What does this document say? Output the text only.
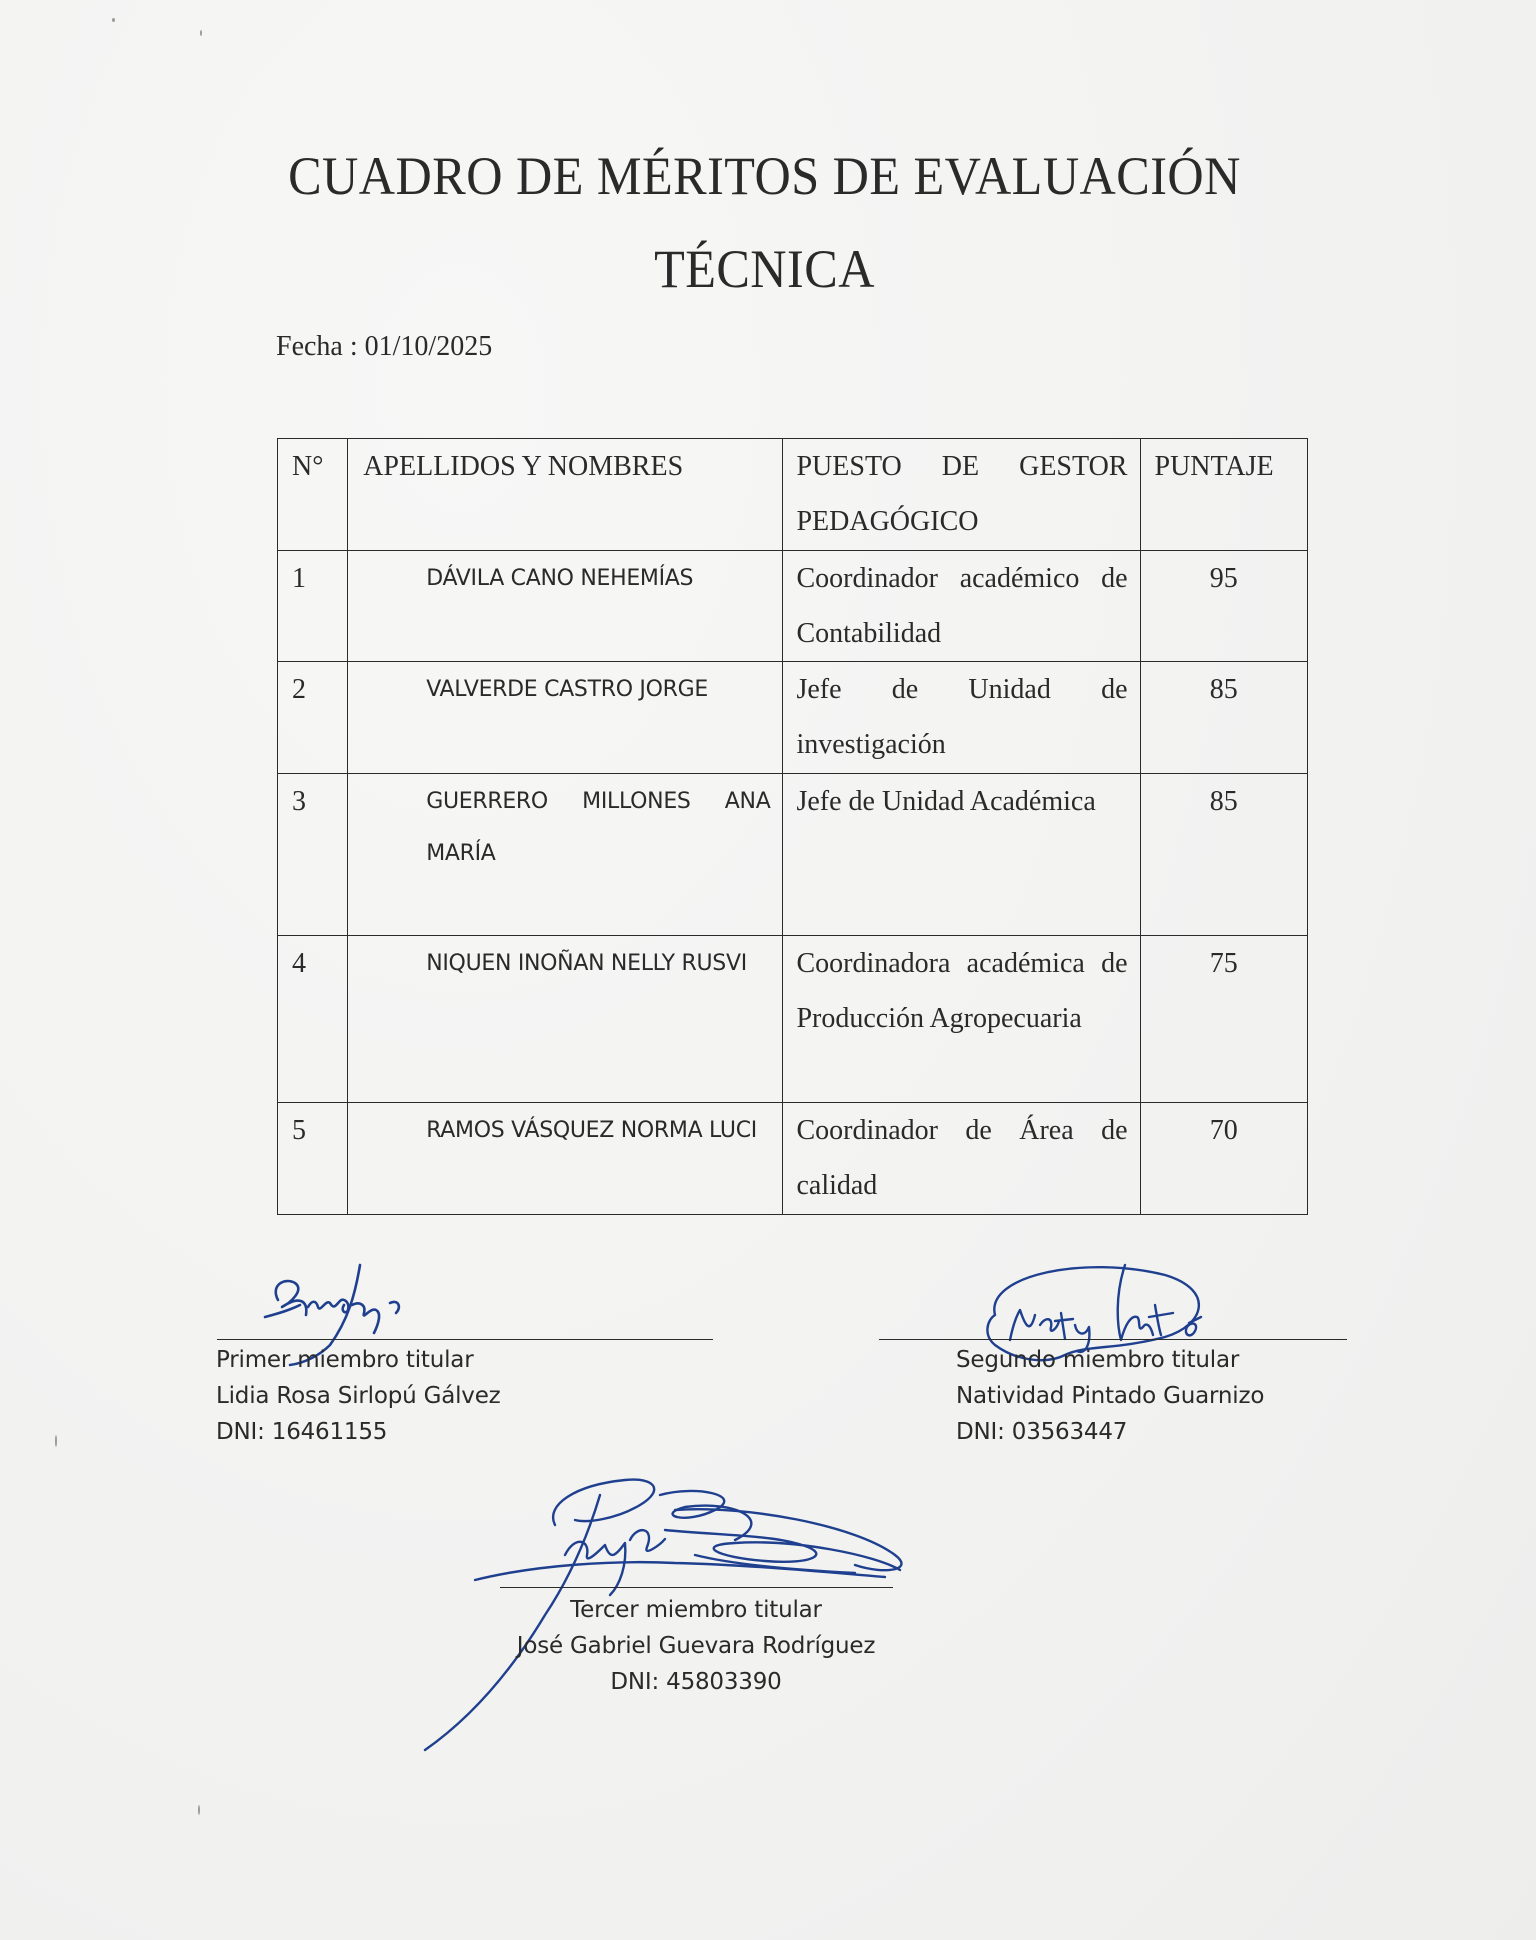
CUADRO DE MÉRITOS DE EVALUACIÓN
TÉCNICA
Fecha : 01/10/2025
N°	APELLIDOS Y NOMBRES	PUESTO DE GESTOR PEDAGÓGICO	PUNTAJE

1	DÁVILA CANO NEHEMÍAS	Coordinador académico de Contabilidad	95

2	VALVERDE CASTRO JORGE	Jefe de Unidad de investigación	85

3	GUERRERO MILLONES ANA MARÍA	Jefe de Unidad Académica	85

4	NIQUEN INOÑAN NELLY RUSVI	Coordinadora académica de Producción Agropecuaria	75

5	RAMOS VÁSQUEZ NORMA LUCI	Coordinador de Área de calidad	70
Primer miembro titular
Lidia Rosa Sirlopú Gálvez
DNI: 16461155
Segundo miembro titular
Natividad Pintado Guarnizo
DNI: 03563447
Tercer miembro titular
José Gabriel Guevara Rodríguez
DNI: 45803390
